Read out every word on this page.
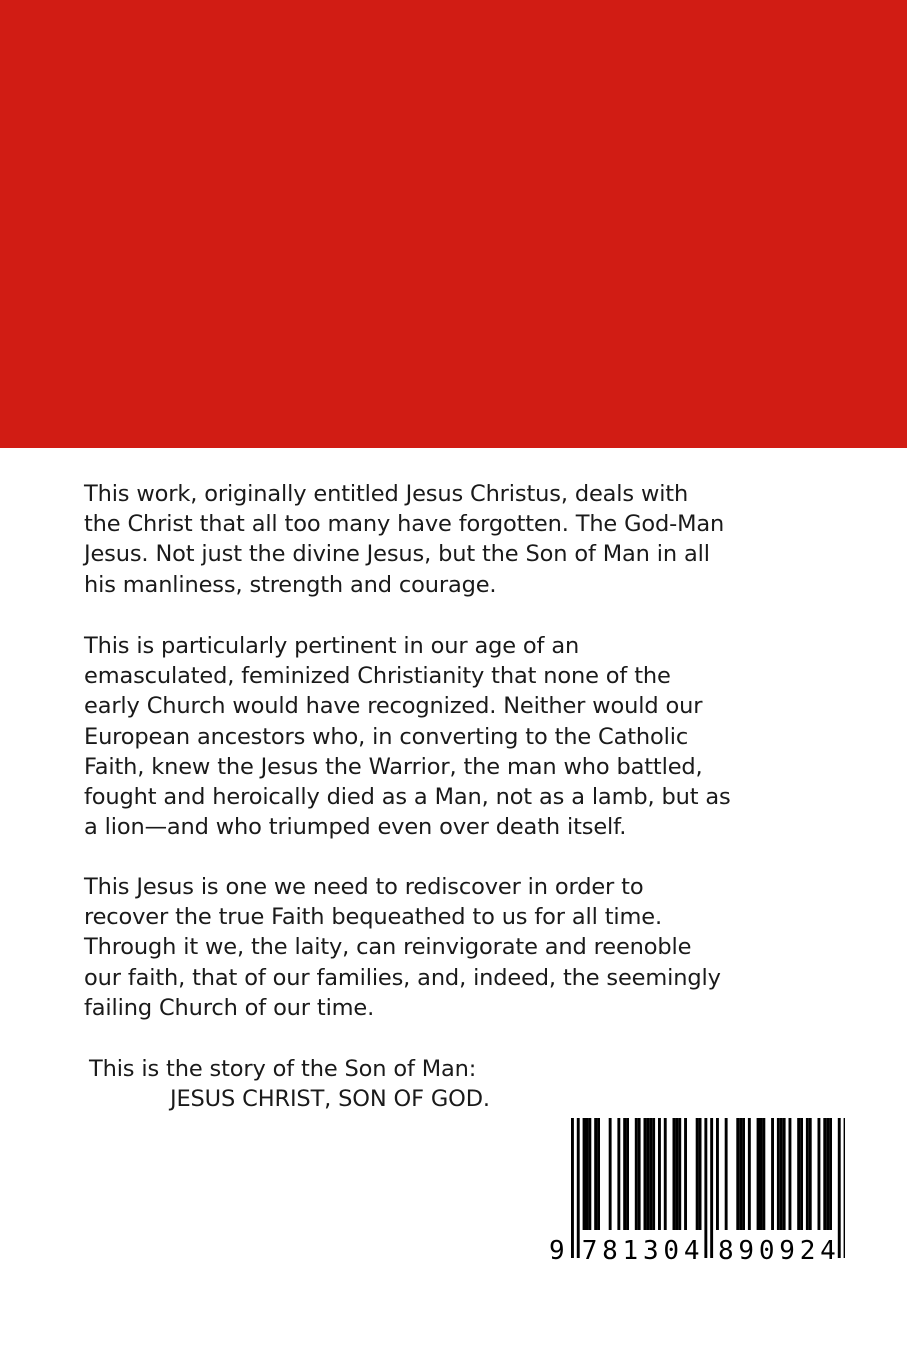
This work, originally entitled Jesus Christus, deals with
the Christ that all too many have forgotten. The God-Man
Jesus. Not just the divine Jesus, but the Son of Man in all
his manliness, strength and courage.
This is particularly pertinent in our age of an
emasculated, feminized Christianity that none of the
early Church would have recognized. Neither would our
European ancestors who, in converting to the Catholic
Faith, knew the Jesus the Warrior, the man who battled,
fought and heroically died as a Man, not as a lamb, but as
a lion—and who triumped even over death itself.
This Jesus is one we need to rediscover in order to
recover the true Faith bequeathed to us for all time.
Through it we, the laity, can reinvigorate and reenoble
our faith, that of our families, and, indeed, the seemingly
failing Church of our time.
This is the story of the Son of Man:
JESUS CHRIST, SON OF GOD.
9 781304 890924
